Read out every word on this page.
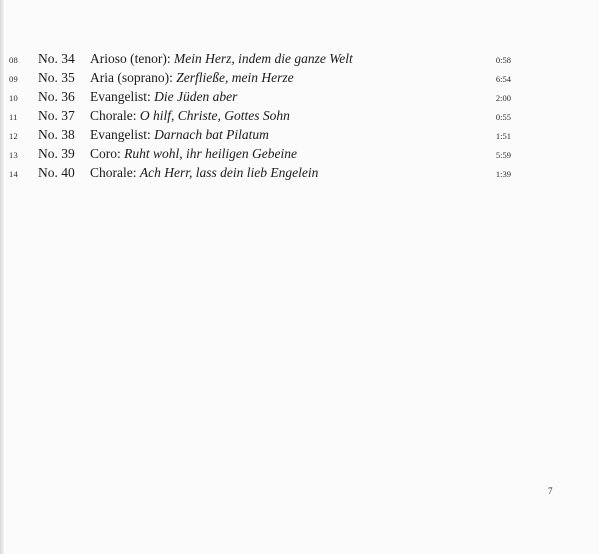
08 No. 34 Arioso (tenor): Mein Herz, indem die ganze Welt	0:58
09 No. 35 Aria (soprano): Zerfließe, mein Herze	6:54
10 No. 36 Evangelist: Die Jüden aber	2:00
11 No. 37 Chorale: O hilf, Christe, Gottes Sohn	0:55
12 No. 38 Evangelist: Darnach bat Pilatum	1:51
13 No. 39 Coro: Ruht wohl, ihr heiligen Gebeine	5:59
14 No. 40 Chorale: Ach Herr, lass dein lieb Engelein	1:39
7
